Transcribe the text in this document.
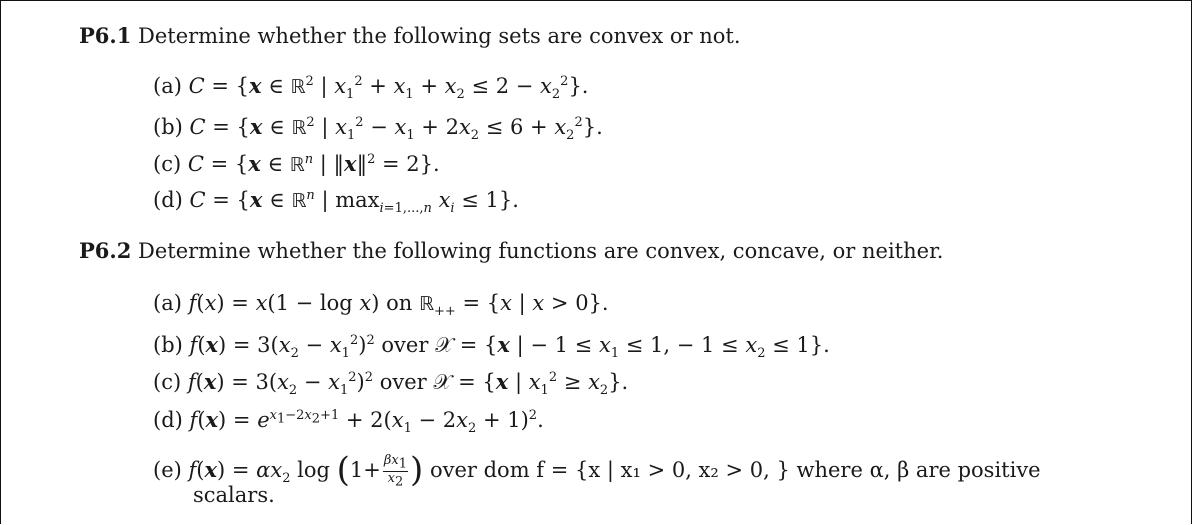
P6.1 Determine whether the following sets are convex or not.
(a) C = {x ∈ ℝ$^2$ | $x_1^2 + x_1 + x_2 \le 2 - x_2^2$}.
(b) C = {x ∈ ℝ$^2$ | $x_1^2 - x_1 + 2x_2 \le 6 + x_2^2$}.
(c) C = {x ∈ ℝ$^n$ | ‖x‖$^2$ = 2}.
(d) C = {x ∈ ℝ$^n$ | $\max_{i=1,...,n} x_i \le 1$}.
P6.2 Determine whether the following functions are convex, concave, or neither.
(a) f(x) = x(1 − log x) on ℝ$_{++}$ = {x | x > 0}.
(b) $f(x) = 3(x_2 - x_1^2)^2$ over 𝒳 = {x | − $1 \le x_1 \le 1$, − $1 \le x_2 \le 1$}.
(c) $f(x) = 3(x_2 - x_1^2)^2$ over 𝒳 = {x | $x_1^2 \ge x_2$}.
(d) $f(x) = e^{x_1-2x_2+1} + 2(x_1 - 2x_2 + 1)^2$.
(e) $f(x) = \alpha x_2$ $\log (1+ \frac{\beta x_1}{x_2}$ ) over dom f = {x | x₁ > 0, x₂ > 0, } where α, β are positive
scalars.
